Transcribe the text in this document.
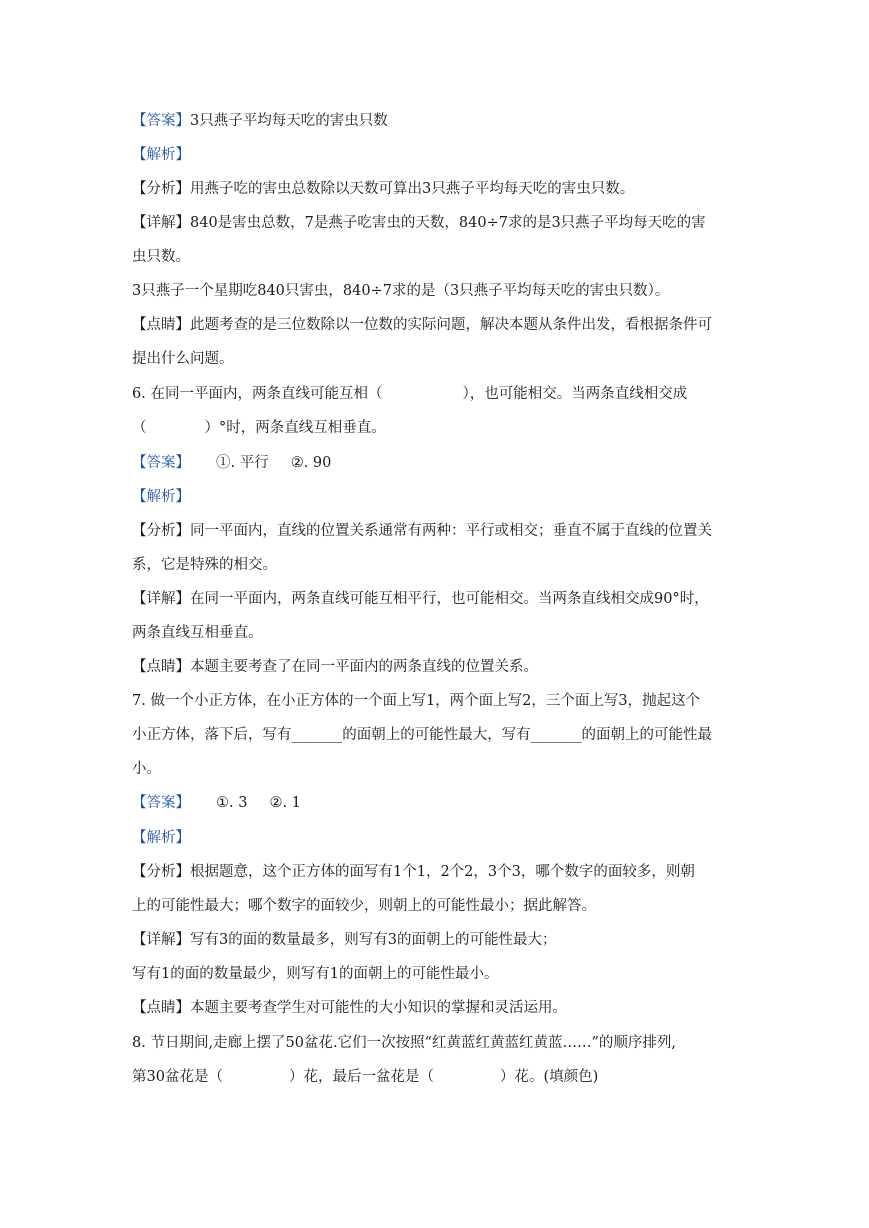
【答案】3只燕子平均每天吃的害虫只数
【解析】
【分析】用燕子吃的害虫总数除以天数可算出3只燕子平均每天吃的害虫只数。
【详解】840是害虫总数，7是燕子吃害虫的天数，840÷7求的是3只燕子平均每天吃的害
虫只数。
3只燕子一个星期吃840只害虫，840÷7求的是（3只燕子平均每天吃的害虫只数）。
【点睛】此题考查的是三位数除以一位数的实际问题，解决本题从条件出发，看根据条件可
提出什么问题。
6. 在同一平面内，两条直线可能互相（	），也可能相交。当两条直线相交成
（	）°时，两条直线互相垂直。
【答案】 ①. 平行 ②. 90
【解析】
【分析】同一平面内，直线的位置关系通常有两种：平行或相交；垂直不属于直线的位置关
系，它是特殊的相交。
【详解】在同一平面内，两条直线可能互相平行，也可能相交。当两条直线相交成90°时，
两条直线互相垂直。
【点睛】本题主要考查了在同一平面内的两条直线的位置关系。
7. 做一个小正方体，在小正方体的一个面上写1，两个面上写2，三个面上写3，抛起这个
小正方体，落下后，写有_______的面朝上的可能性最大，写有_______的面朝上的可能性最
小。
【答案】 ①. 3 ②. 1
【解析】
【分析】根据题意，这个正方体的面写有1个1，2个2，3个3，哪个数字的面较多，则朝
上的可能性最大；哪个数字的面较少，则朝上的可能性最小；据此解答。
【详解】写有3的面的数量最多，则写有3的面朝上的可能性最大；
写有1的面的数量最少，则写有1的面朝上的可能性最小。
【点睛】本题主要考查学生对可能性的大小知识的掌握和灵活运用。
8. 节日期间,走廊上摆了50盆花.它们一次按照“红黄蓝红黄蓝红黄蓝……”的顺序排列,
第30盆花是（	）花，最后一盆花是（	）花。(填颜色)
